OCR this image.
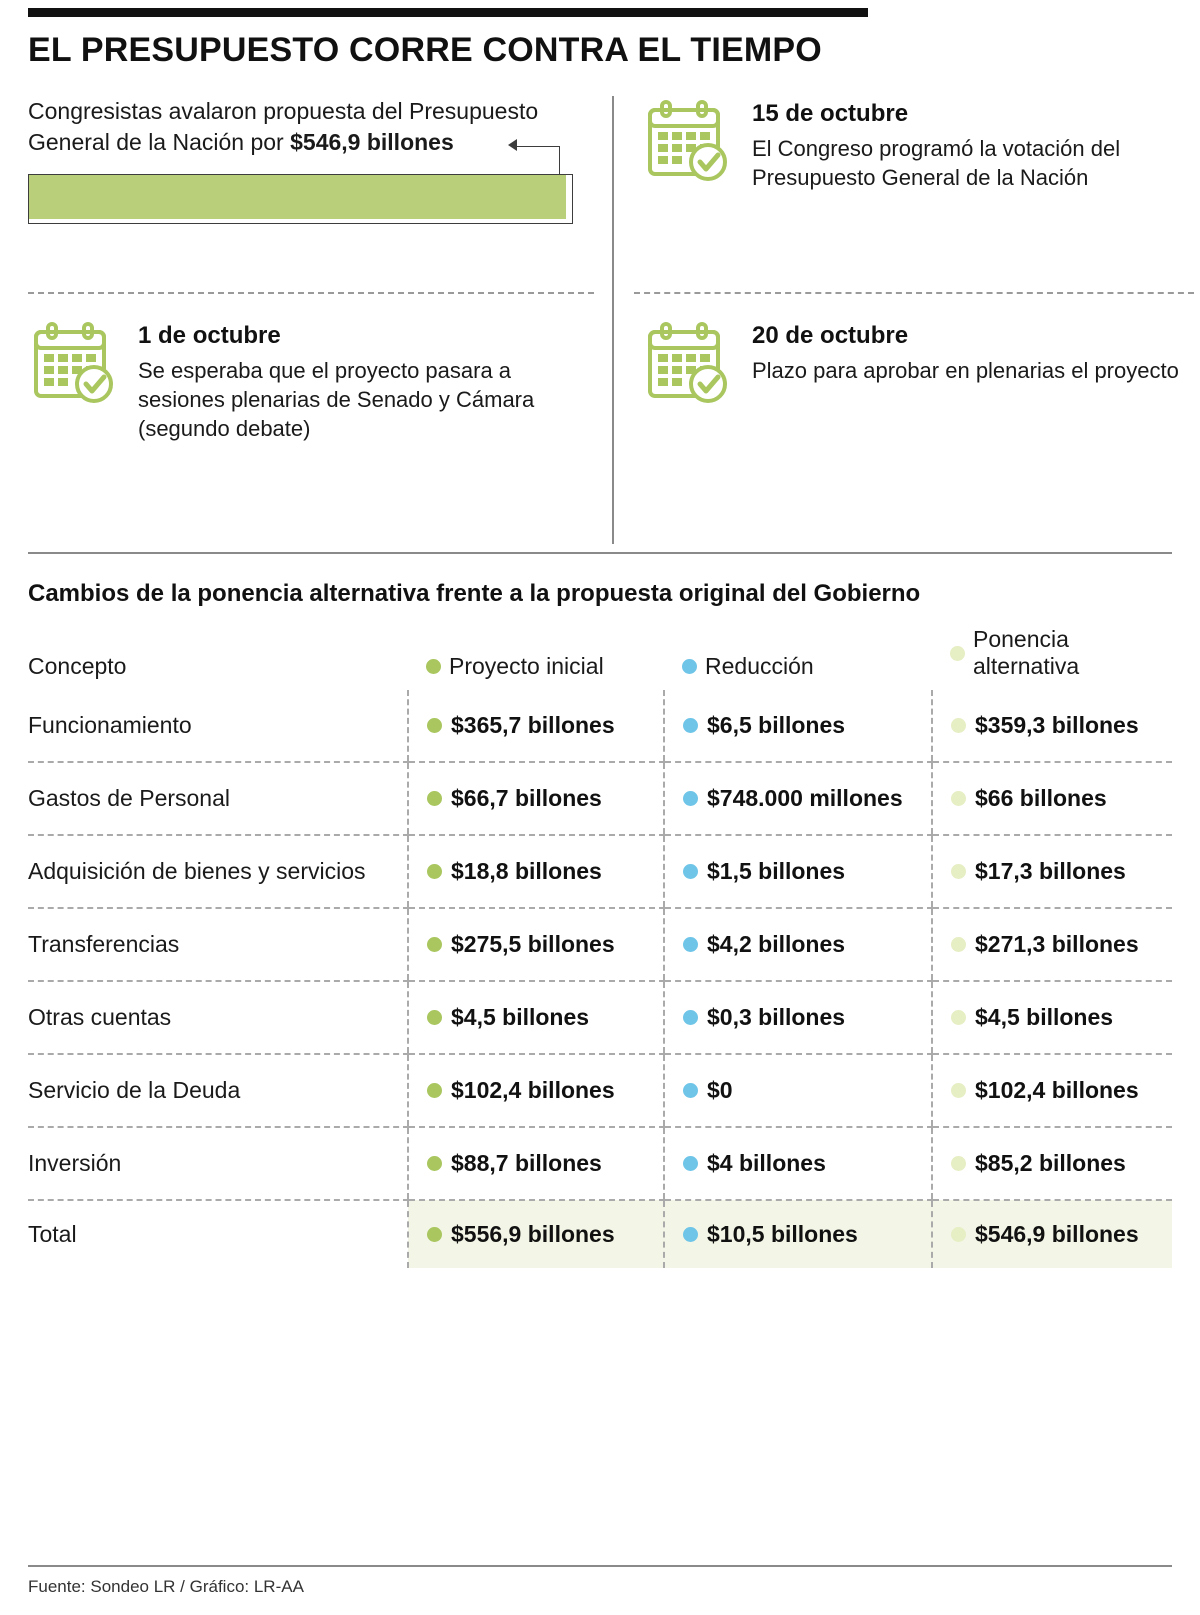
EL PRESUPUESTO CORRE CONTRA EL TIEMPO
Congresistas avalaron propuesta del Presupuesto General de la Nación por $546,9 billones
15 de octubre
El Congreso programó la votación del Presupuesto General de la Nación
1 de octubre
Se esperaba que el proyecto pasara a sesiones plenarias de Senado y Cámara (segundo debate)
20 de octubre
Plazo para aprobar en plenarias el proyecto
Cambios de la ponencia alternativa frente a la propuesta original del Gobierno
Concepto	Proyecto inicial	Reducción	Ponencia alternativa

Funcionamiento	$365,7 billones	$6,5 billones	$359,3 billones

Gastos de Personal	$66,7 billones	$748.000 millones	$66 billones

Adquisición de bienes y servicios	$18,8 billones	$1,5 billones	$17,3 billones

Transferencias	$275,5 billones	$4,2 billones	$271,3 billones

Otras cuentas	$4,5 billones	$0,3 billones	$4,5 billones

Servicio de la Deuda	$102,4 billones	$0	$102,4 billones

Inversión	$88,7 billones	$4 billones	$85,2 billones

Total	$556,9 billones	$10,5 billones	$546,9 billones
Fuente: Sondeo LR / Gráfico: LR-AA
